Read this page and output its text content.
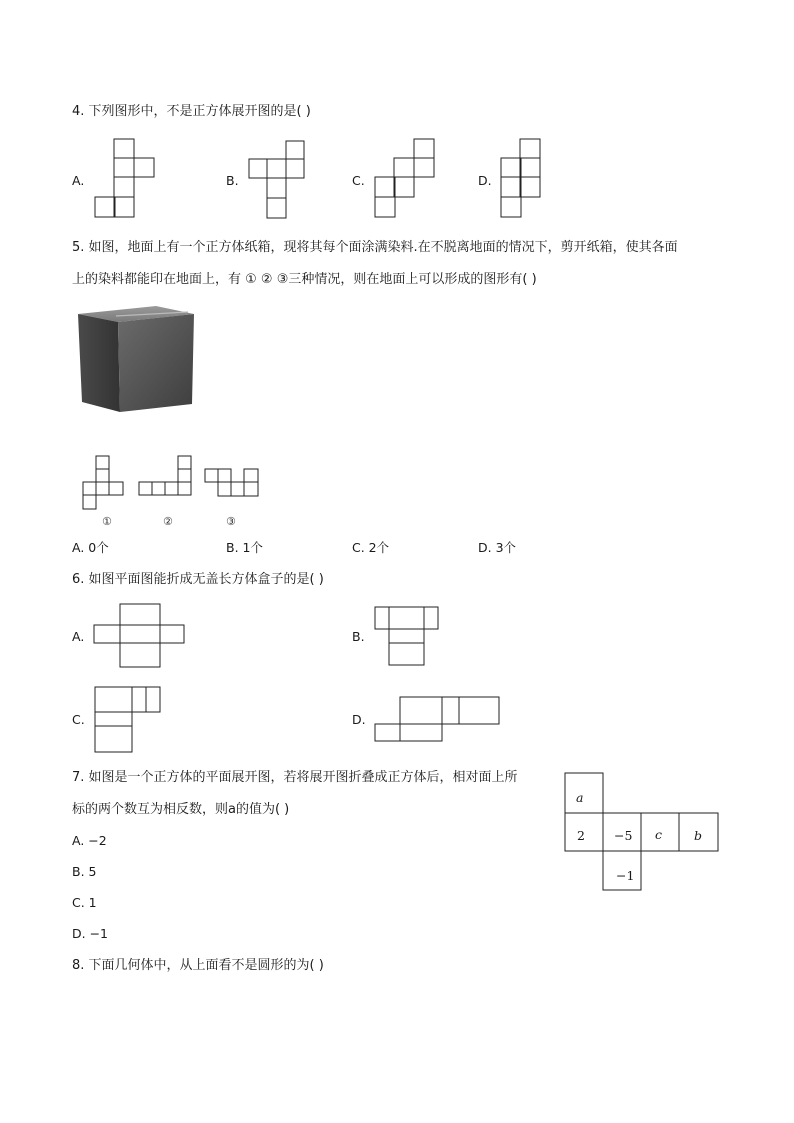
4. 下列图形中，不是正方体展开图的是( )
A.	B.	C.	D.
5. 如图，地面上有一个正方体纸箱，现将其每个面涂满染料.在不脱离地面的情况下，剪开纸箱，使其各面
上的染料都能印在地面上，有 ① ② ③三种情况，则在地面上可以形成的图形有( )
①	②	③
A. 0个	B. 1个	C. 2个	D. 3个
6. 如图平面图能折成无盖长方体盒子的是( )
A.	B.
C.	D.
7. 如图是一个正方体的平面展开图，若将展开图折叠成正方体后，相对面上所
标的两个数互为相反数，则a的值为( )
A. −2
B. 5
C. 1
D. −1
a
2 −5 c	b
−1
8. 下面几何体中，从上面看不是圆形的为( )
